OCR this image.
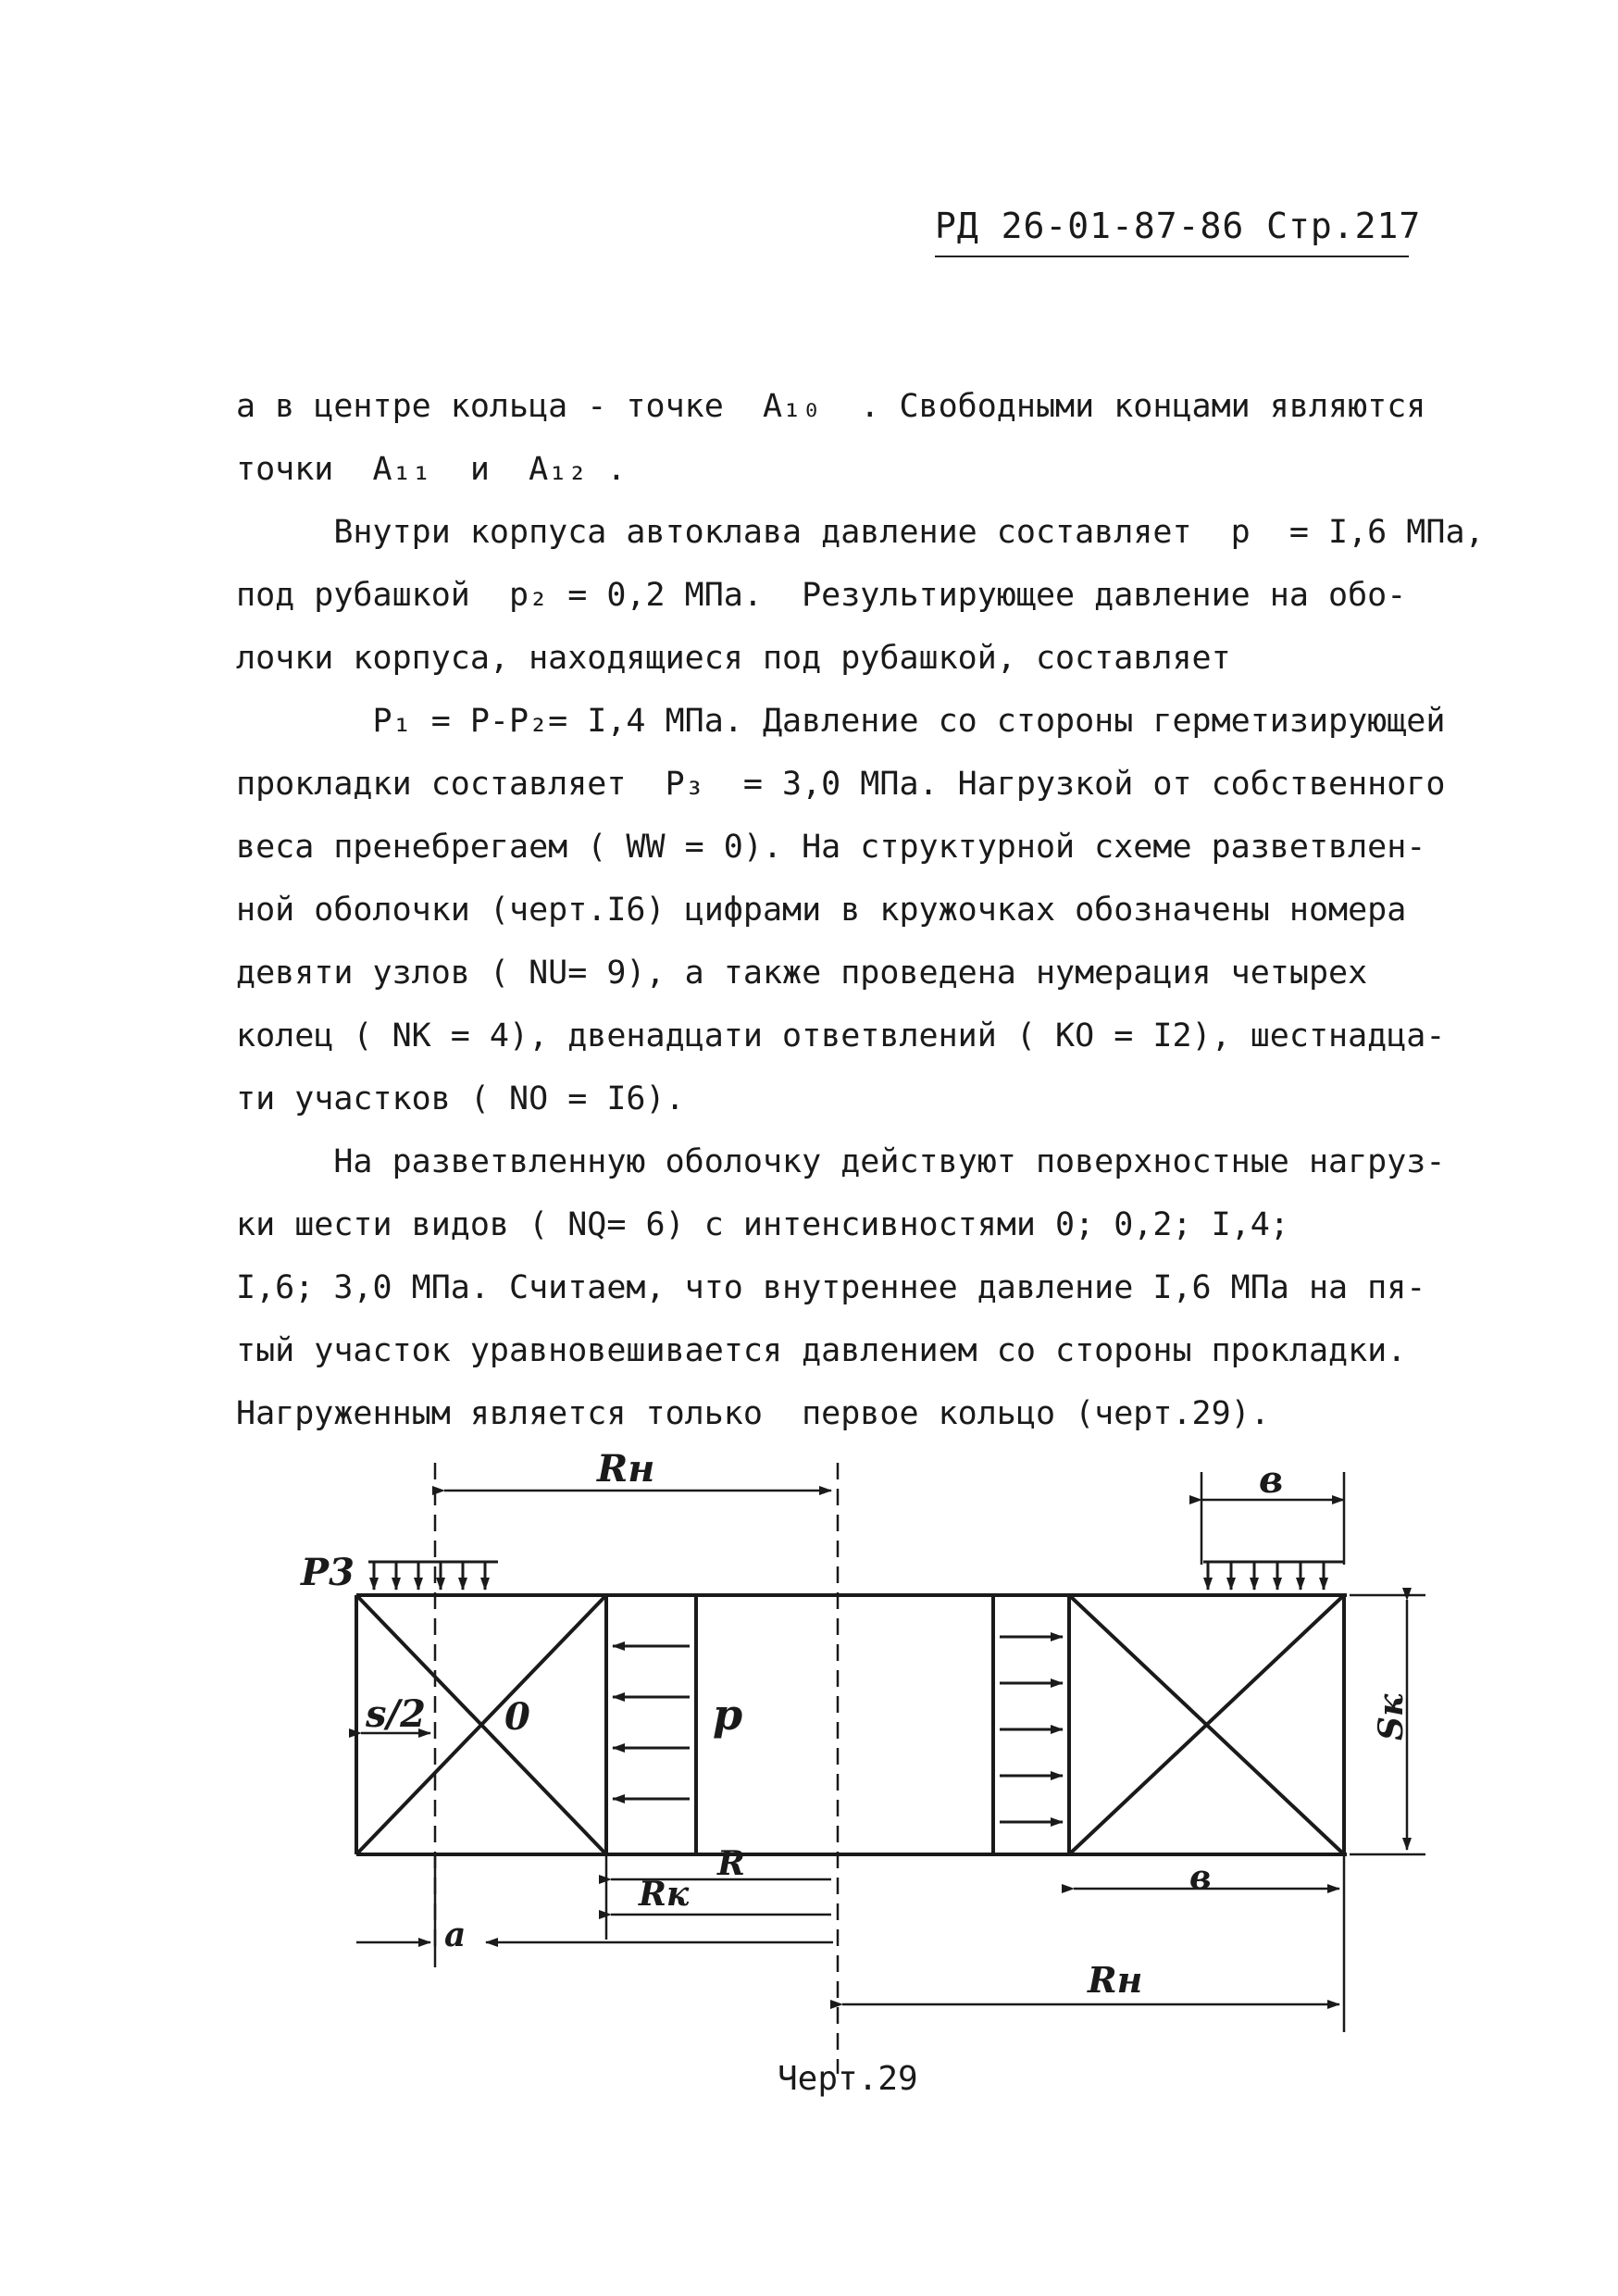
РД 26-01-87-86 Стр.217
а в центре кольца - точке  A₁₀  . Свободными концами являются
точки  A₁₁  и  A₁₂ .
Внутри корпуса автоклава давление составляет  p  = I,6 МПа,
под рубашкой  p₂ = 0,2 МПа.  Результирующее давление на обо-
лочки корпуса, находящиеся под рубашкой, составляет
P₁ = P-P₂= I,4 МПа. Давление со стороны герметизирующей
прокладки составляет  P₃  = 3,0 МПа. Нагрузкой от собственного
веса пренебрегаем ( WW = 0). На структурной схеме разветвлен-
ной оболочки (черт.I6) цифрами в кружочках обозначены номера
девяти узлов ( NU= 9), а также проведена нумерация четырех
колец ( NK = 4), двенадцати ответвлений ( KO = I2), шестнадца-
ти участков ( NO = I6).
На разветвленную оболочку действуют поверхностные нагруз-
ки шести видов ( NQ= 6) с интенсивностями 0; 0,2; I,4;
I,6; 3,0 МПа. Считаем, что внутреннее давление I,6 МПа на пя-
тый участок уравновешивается давлением со стороны прокладки.
Нагруженным является только  первое кольцо (черт.29).
Rн	в
P3
s/2 0	p	Sк
R	в
Rк
a
Rн
Черт.29
